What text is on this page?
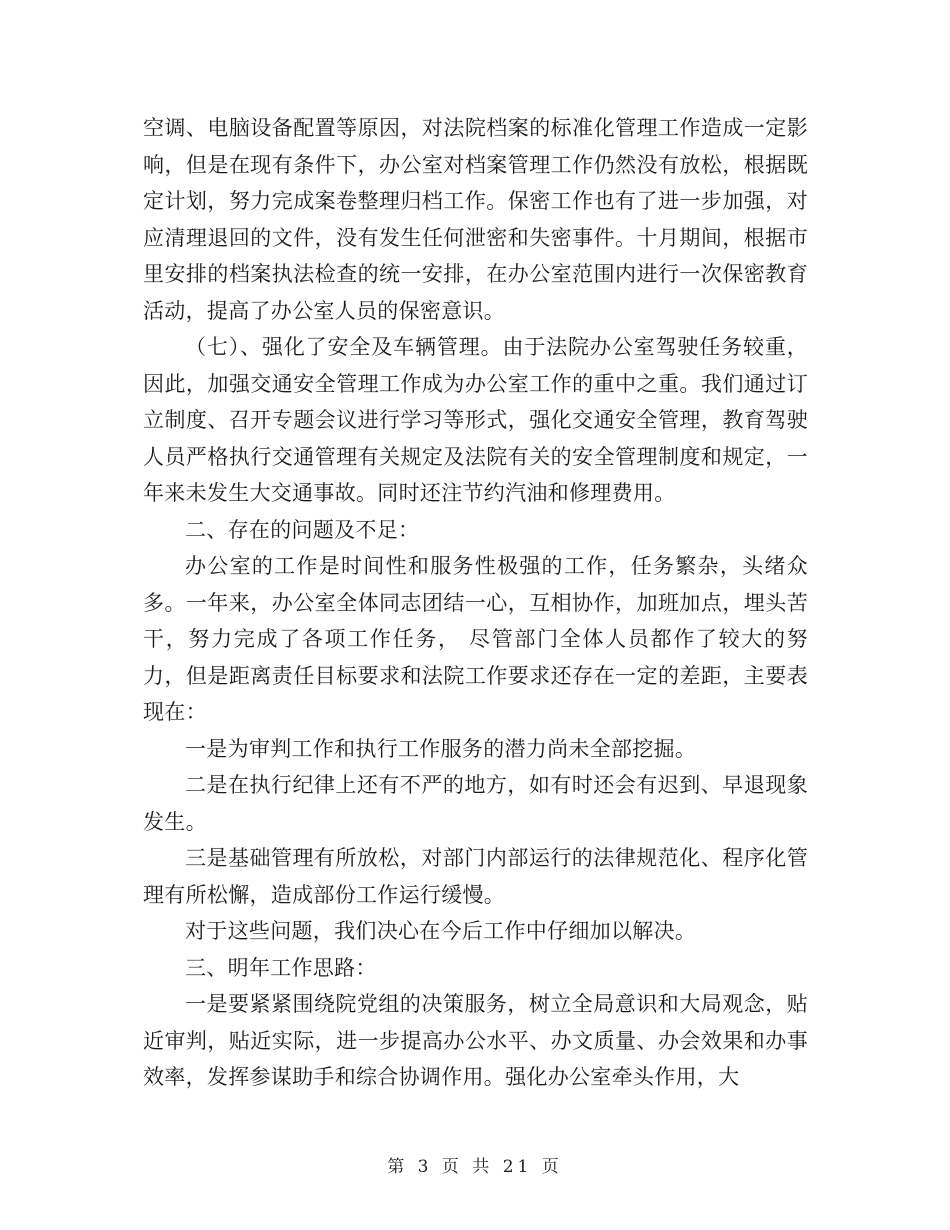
空调、电脑设备配置等原因，对法院档案的标准化管理工作造成一定影响，但是在现有条件下，办公室对档案管理工作仍然没有放松，根据既定计划，努力完成案卷整理归档工作。保密工作也有了进一步加强，对应清理退回的文件，没有发生任何泄密和失密事件。十月期间，根据市里安排的档案执法检查的统一安排，在办公室范围内进行一次保密教育活动，提高了办公室人员的保密意识。

（七）、强化了安全及车辆管理。由于法院办公室驾驶任务较重，因此，加强交通安全管理工作成为办公室工作的重中之重。我们通过订立制度、召开专题会议进行学习等形式，强化交通安全管理，教育驾驶人员严格执行交通管理有关规定及法院有关的安全管理制度和规定，一年来未发生大交通事故。同时还注节约汽油和修理费用。

二、存在的问题及不足：

办公室的工作是时间性和服务性极强的工作，任务繁杂，头绪众多。一年来，办公室全体同志团结一心，互相协作，加班加点，埋头苦干，努力完成了各项工作任务， 尽管部门全体人员都作了较大的努力，但是距离责任目标要求和法院工作要求还存在一定的差距，主要表现在：

一是为审判工作和执行工作服务的潜力尚未全部挖掘。

二是在执行纪律上还有不严的地方，如有时还会有迟到、早退现象发生。

三是基础管理有所放松，对部门内部运行的法律规范化、程序化管理有所松懈，造成部份工作运行缓慢。

对于这些问题，我们决心在今后工作中仔细加以解决。

三、明年工作思路：

一是要紧紧围绕院党组的决策服务，树立全局意识和大局观念，贴近审判，贴近实际，进一步提高办公水平、办文质量、办会效果和办事效率，发挥参谋助手和综合协调作用。强化办公室牵头作用，大

第 3 页 共 21 页
